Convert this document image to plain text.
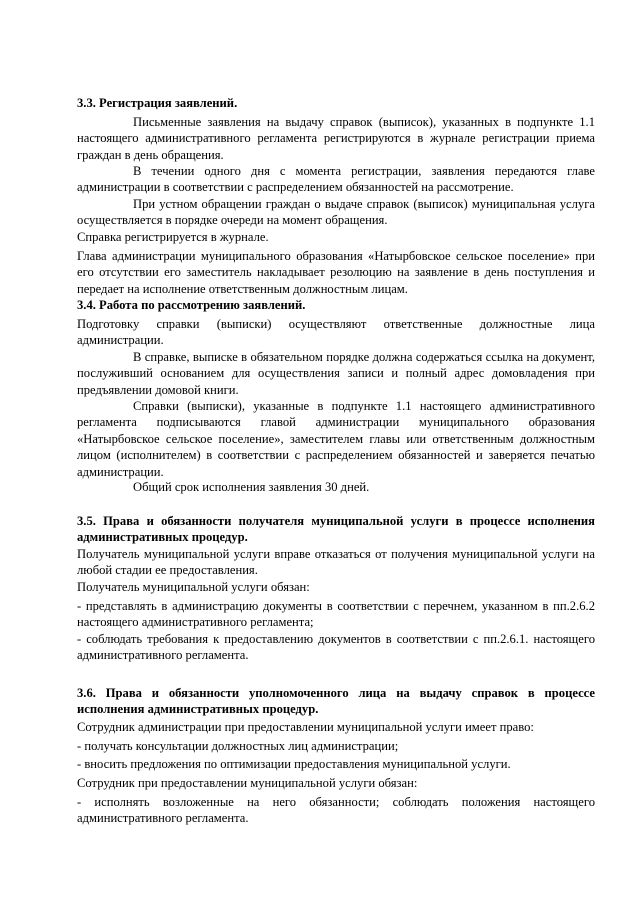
3.3. Регистрация заявлений.

Письменные заявления на выдачу справок (выписок), указанных в подпункте 1.1 настоящего административного регламента регистрируются в журнале регистрации приема граждан в день обращения.

В течении одного дня с момента регистрации, заявления передаются главе администрации в соответствии с распределением обязанностей на рассмотрение.

При устном обращении граждан о выдаче справок (выписок) муниципальная услуга осуществляется в порядке очереди на момент обращения.

Справка регистрируется в журнале.

Глава администрации муниципального образования «Натырбовское сельское поселение» при его отсутствии его заместитель накладывает резолюцию на заявление в день поступления и передает на исполнение ответственным должностным лицам.

3.4. Работа по рассмотрению заявлений.

Подготовку справки (выписки) осуществляют ответственные должностные лица администрации.

В справке, выписке в обязательном порядке должна содержаться ссылка на документ, послуживший основанием для осуществления записи и полный адрес домовладения при предъявлении домовой книги.

Справки (выписки), указанные в подпункте 1.1 настоящего административного регламента подписываются главой администрации муниципального образования «Натырбовское сельское поселение», заместителем главы или ответственным должностным лицом (исполнителем) в соответствии с распределением обязанностей и заверяется печатью администрации.

Общий срок исполнения заявления 30 дней.

3.5. Права и обязанности получателя муниципальной услуги в процессе исполнения административных процедур.

Получатель муниципальной услуги вправе отказаться от получения муниципальной услуги на любой стадии ее предоставления.

Получатель муниципальной услуги обязан:

- представлять в администрацию документы в соответствии с перечнем, указанном в пп.2.6.2 настоящего административного регламента;

- соблюдать требования к предоставлению документов в соответствии с пп.2.6.1. настоящего административного регламента.

3.6. Права и обязанности уполномоченного лица на выдачу справок в процессе исполнения административных процедур.

Сотрудник администрации при предоставлении муниципальной услуги имеет право:

- получать консультации должностных лиц администрации;

- вносить предложения по оптимизации предоставления муниципальной услуги.

Сотрудник при предоставлении муниципальной услуги обязан:

- исполнять возложенные на него обязанности; соблюдать положения настоящего административного регламента.
